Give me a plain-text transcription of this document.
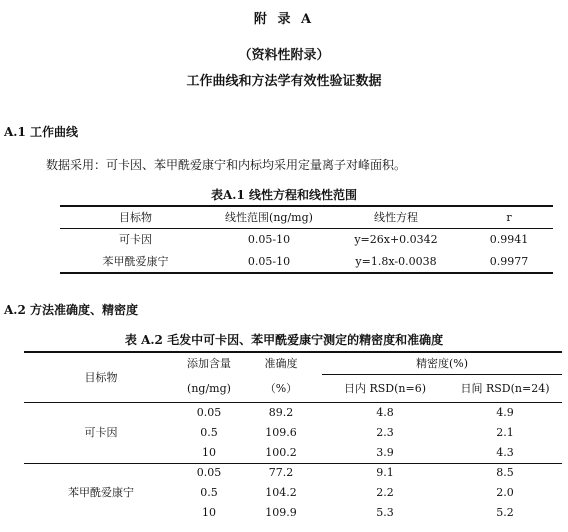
附 录 A
（资料性附录）
工作曲线和方法学有效性验证数据
A.1 工作曲线
数据采用：可卡因、苯甲酰爱康宁和内标均采用定量离子对峰面积。
表A.1 线性方程和线性范围
目标物	线性范围(ng/mg)	线性方程	r
可卡因	0.05-10	y=26x+0.0342	0.9941
苯甲酰爱康宁	0.05-10	y=1.8x-0.0038	0.9977
A.2 方法准确度、精密度
表 A.2 毛发中可卡因、苯甲酰爱康宁测定的精密度和准确度
目标物	添加含量	准确度	精密度(%)	
	(ng/mg)	（%）	日内 RSD(n=6)	日间 RSD(n=24)
可卡因	0.05	89.2	4.8	4.9
	0.5	109.6	2.3	2.1
	10	100.2	3.9	4.3
苯甲酰爱康宁	0.05	77.2	9.1	8.5
	0.5	104.2	2.2	2.0
	10	109.9	5.3	5.2
